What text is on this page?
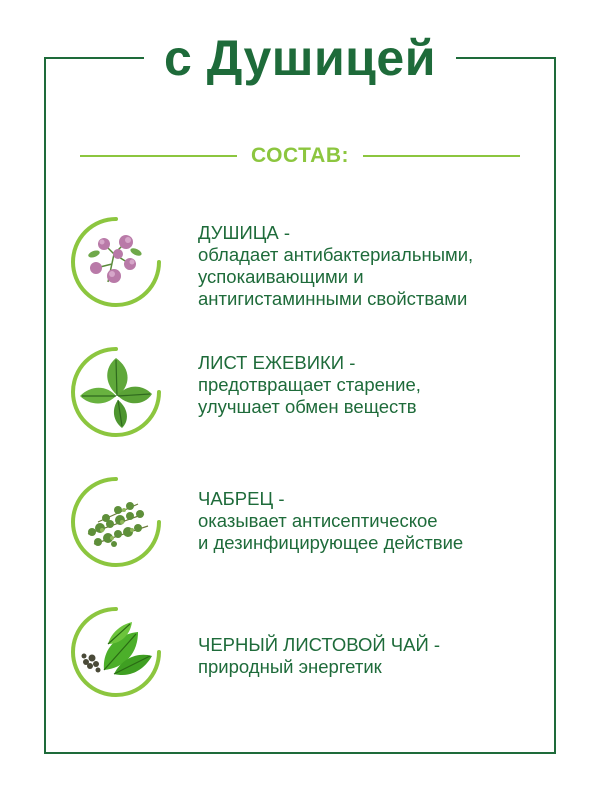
с Душицей
СОСТАВ:
ДУШИЦА -
обладает антибактериальными,
успокаивающими и
антигистаминными свойствами
ЛИСТ ЕЖЕВИКИ -
предотвращает старение,
улучшает обмен веществ
ЧАБРЕЦ -
оказывает антисептическое
и дезинфицирующее действие
ЧЕРНЫЙ ЛИСТОВОЙ ЧАЙ -
природный энергетик
